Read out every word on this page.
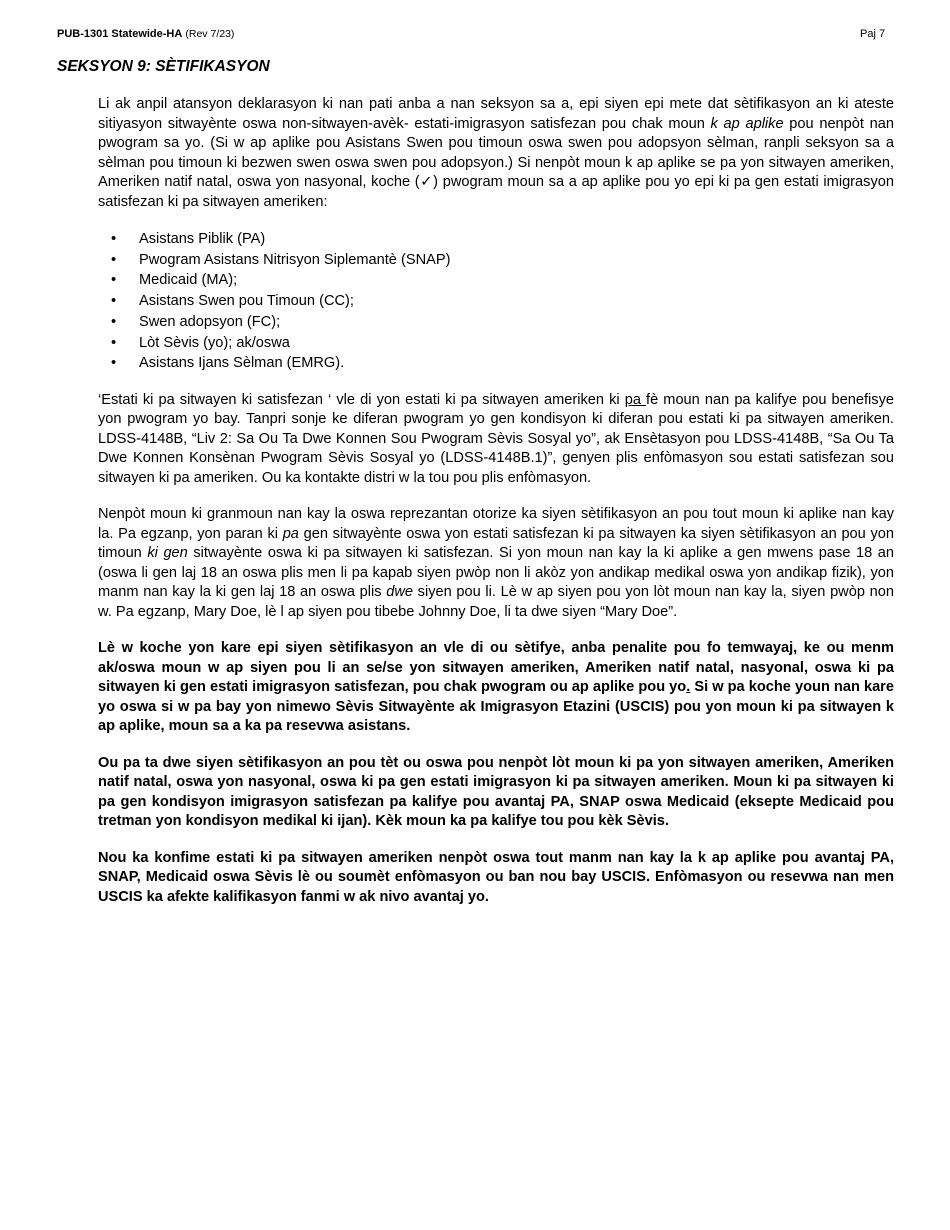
PUB-1301 Statewide-HA (Rev 7/23)	Paj 7
SEKSYON 9: SÈTIFIKASYON

Li ak anpil atansyon deklarasyon ki nan pati anba a nan seksyon sa a, epi siyen epi mete dat sètifikasyon an ki ateste sitiyasyon sitwayènte oswa non-sitwayen-avèk- estati-imigrasyon satisfezan pou chak moun k ap aplike pou nenpòt nan pwogram sa yo. (Si w ap aplike pou Asistans Swen pou timoun oswa swen pou adopsyon sèlman, ranpli seksyon sa a sèlman pou timoun ki bezwen swen oswa swen pou adopsyon.) Si nenpòt moun k ap aplike se pa yon sitwayen ameriken, Ameriken natif natal, oswa yon nasyonal, koche (✓) pwogram moun sa a ap aplike pou yo epi ki pa gen estati imigrasyon satisfezan ki pa sitwayen ameriken:

• Asistans Piblik (PA)
• Pwogram Asistans Nitrisyon Siplemantè (SNAP)
• Medicaid (MA);
• Asistans Swen pou Timoun (CC);
• Swen adopsyon (FC);
• Lòt Sèvis (yo); ak/oswa
• Asistans Ijans Sèlman (EMRG).

‘Estati ki pa sitwayen ki satisfezan ‘ vle di yon estati ki pa sitwayen ameriken ki pa fè moun nan pa kalifye pou benefisye yon pwogram yo bay. Tanpri sonje ke diferan pwogram yo gen kondisyon ki diferan pou estati ki pa sitwayen ameriken. LDSS-4148B, “Liv 2: Sa Ou Ta Dwe Konnen Sou Pwogram Sèvis Sosyal yo”, ak Ensètasyon pou LDSS-4148B, “Sa Ou Ta Dwe Konnen Konsènan Pwogram Sèvis Sosyal yo (LDSS-4148B.1)”, genyen plis enfòmasyon sou estati satisfezan sou sitwayen ki pa ameriken. Ou ka kontakte distri w la tou pou plis enfòmasyon.

Nenpòt moun ki granmoun nan kay la oswa reprezantan otorize ka siyen sètifikasyon an pou tout moun ki aplike nan kay la. Pa egzanp, yon paran ki pa gen sitwayènte oswa yon estati satisfezan ki pa sitwayen ka siyen sètifikasyon an pou yon timoun ki gen sitwayènte oswa ki pa sitwayen ki satisfezan. Si yon moun nan kay la ki aplike a gen mwens pase 18 an (oswa li gen laj 18 an oswa plis men li pa kapab siyen pwòp non li akòz yon andikap medikal oswa yon andikap fizik), yon manm nan kay la ki gen laj 18 an oswa plis dwe siyen pou li. Lè w ap siyen pou yon lòt moun nan kay la, siyen pwòp non w. Pa egzanp, Mary Doe, lè l ap siyen pou tibebe Johnny Doe, li ta dwe siyen “Mary Doe”.

Lè w koche yon kare epi siyen sètifikasyon an vle di ou sètifye, anba penalite pou fo temwayaj, ke ou menm ak/oswa moun w ap siyen pou li an se/se yon sitwayen ameriken, Ameriken natif natal, nasyonal, oswa ki pa sitwayen ki gen estati imigrasyon satisfezan, pou chak pwogram ou ap aplike pou yo. Si w pa koche youn nan kare yo oswa si w pa bay yon nimewo Sèvis Sitwayènte ak Imigrasyon Etazini (USCIS) pou yon moun ki pa sitwayen k ap aplike, moun sa a ka pa resevwa asistans.

Ou pa ta dwe siyen sètifikasyon an pou tèt ou oswa pou nenpòt lòt moun ki pa yon sitwayen ameriken, Ameriken natif natal, oswa yon nasyonal, oswa ki pa gen estati imigrasyon ki pa sitwayen ameriken. Moun ki pa sitwayen ki pa gen kondisyon imigrasyon satisfezan pa kalifye pou avantaj PA, SNAP oswa Medicaid (eksepte Medicaid pou tretman yon kondisyon medikal ki ijan). Kèk moun ka pa kalifye tou pou kèk Sèvis.

Nou ka konfime estati ki pa sitwayen ameriken nenpòt oswa tout manm nan kay la k ap aplike pou avantaj PA, SNAP, Medicaid oswa Sèvis lè ou soumèt enfòmasyon ou ban nou bay USCIS. Enfòmasyon ou resevwa nan men USCIS ka afekte kalifikasyon fanmi w ak nivo avantaj yo.
